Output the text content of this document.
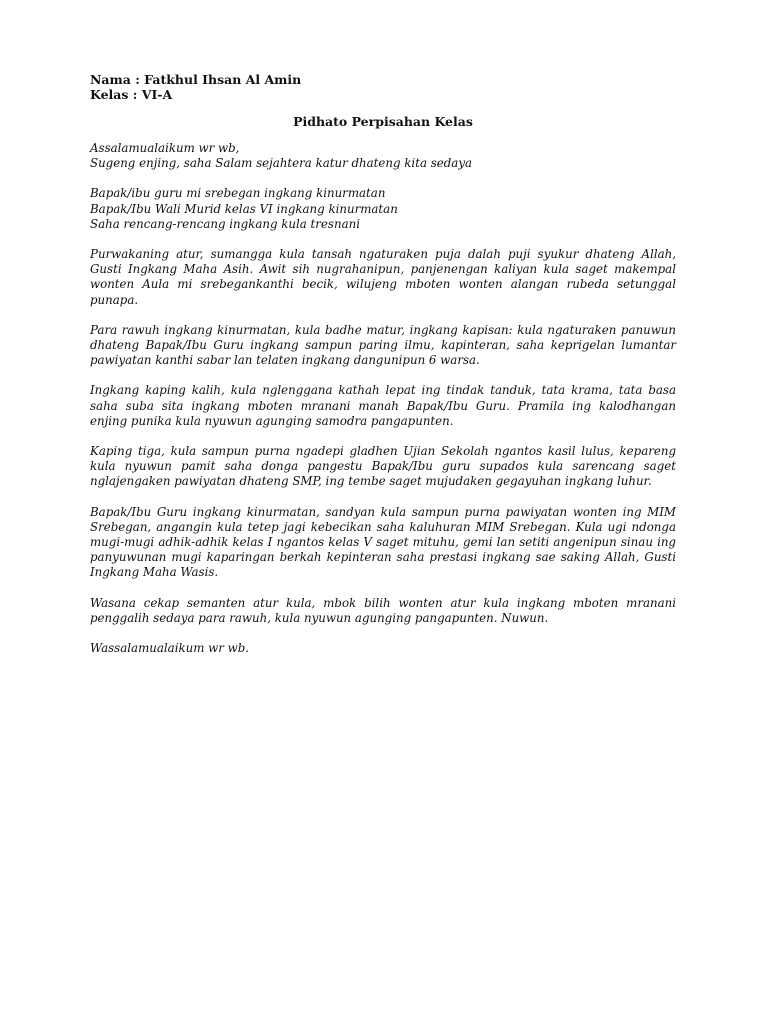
Nama : Fatkhul Ihsan Al Amin
Kelas : VI-A
Pidhato Perpisahan Kelas
Assalamualaikum wr wb,
Sugeng enjing, saha Salam sejahtera katur dhateng kita sedaya
Bapak/ibu guru mi srebegan ingkang kinurmatan
Bapak/Ibu Wali Murid kelas VI ingkang kinurmatan
Saha rencang-rencang ingkang kula tresnani
Purwakaning atur, sumangga kula tansah ngaturaken puja dalah puji syukur dhateng Allah,
Gusti Ingkang Maha Asih. Awit sih nugrahanipun, panjenengan kaliyan kula saget makempal
wonten Aula mi srebegankanthi becik, wilujeng mboten wonten alangan rubeda setunggal
punapa.
Para rawuh ingkang kinurmatan, kula badhe matur, ingkang kapisan: kula ngaturaken panuwun
dhateng Bapak/Ibu Guru ingkang sampun paring ilmu, kapinteran, saha keprigelan lumantar
pawiyatan kanthi sabar lan telaten ingkang dangunipun 6 warsa.
Ingkang kaping kalih, kula nglenggana kathah lepat ing tindak tanduk, tata krama, tata basa
saha suba sita ingkang mboten mranani manah Bapak/Ibu Guru. Pramila ing kalodhangan
enjing punika kula nyuwun agunging samodra pangapunten.
Kaping tiga, kula sampun purna ngadepi gladhen Ujian Sekolah ngantos kasil lulus, kepareng
kula nyuwun pamit saha donga pangestu Bapak/Ibu guru supados kula sarencang saget
nglajengaken pawiyatan dhateng SMP, ing tembe saget mujudaken gegayuhan ingkang luhur.
Bapak/Ibu Guru ingkang kinurmatan, sandyan kula sampun purna pawiyatan wonten ing MIM
Srebegan, angangin kula tetep jagi kebecikan saha kaluhuran MIM Srebegan. Kula ugi ndonga
mugi-mugi adhik-adhik kelas I ngantos kelas V saget mituhu, gemi lan setiti angenipun sinau ing
panyuwunan mugi kaparingan berkah kepinteran saha prestasi ingkang sae saking Allah, Gusti
Ingkang Maha Wasis.
Wasana cekap semanten atur kula, mbok bilih wonten atur kula ingkang mboten mranani
penggalih sedaya para rawuh, kula nyuwun agunging pangapunten. Nuwun.
Wassalamualaikum wr wb.
